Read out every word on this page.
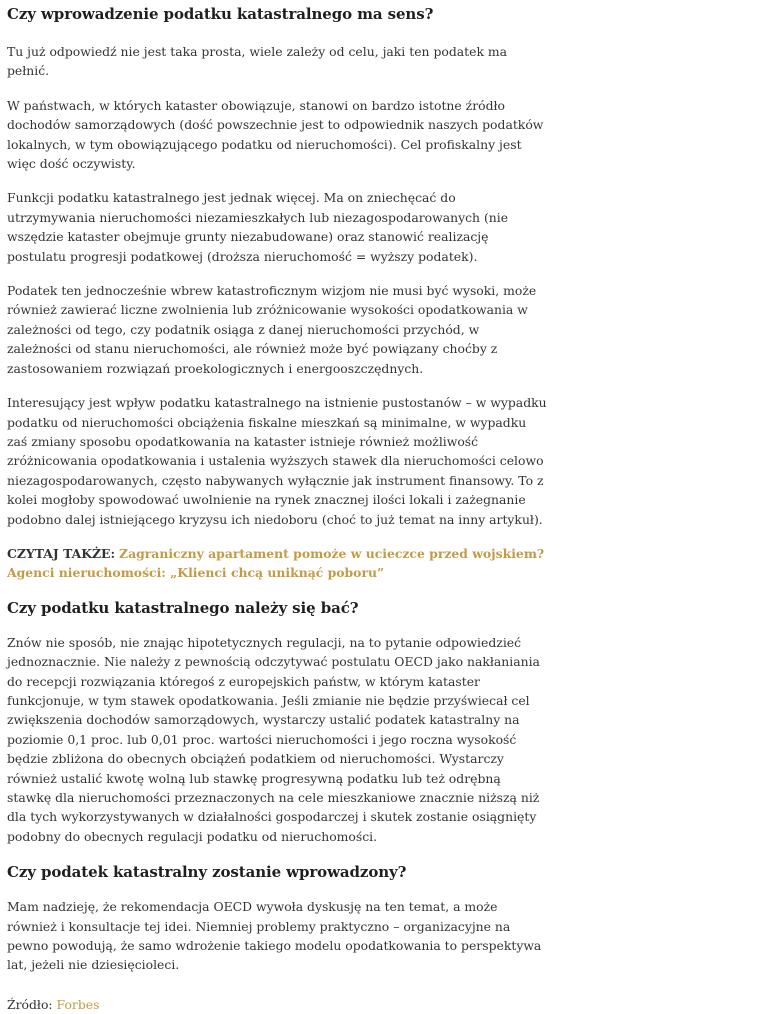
Czy wprowadzenie podatku katastralnego ma sens?

Tu już odpowiedź nie jest taka prosta, wiele zależy od celu, jaki ten podatek ma pełnić.

W państwach, w których kataster obowiązuje, stanowi on bardzo istotne źródło dochodów samorządowych (dość powszechnie jest to odpowiednik naszych podatków lokalnych, w tym obowiązującego podatku od nieruchomości). Cel profiskalny jest więc dość oczywisty.

Funkcji podatku katastralnego jest jednak więcej. Ma on zniechęcać do utrzymywania nieruchomości niezamieszkałych lub niezagospodarowanych (nie wszędzie kataster obejmuje grunty niezabudowane) oraz stanowić realizację postulatu progresji podatkowej (droższa nieruchomość = wyższy podatek).

Podatek ten jednocześnie wbrew katastroficznym wizjom nie musi być wysoki, może również zawierać liczne zwolnienia lub zróżnicowanie wysokości opodatkowania w zależności od tego, czy podatnik osiąga z danej nieruchomości przychód, w zależności od stanu nieruchomości, ale również może być powiązany choćby z zastosowaniem rozwiązań proekologicznych i energooszczędnych.

Interesujący jest wpływ podatku katastralnego na istnienie pustostanów – w wypadku podatku od nieruchomości obciążenia fiskalne mieszkań są minimalne, w wypadku zaś zmiany sposobu opodatkowania na kataster istnieje również możliwość zróżnicowania opodatkowania i ustalenia wyższych stawek dla nieruchomości celowo niezagospodarowanych, często nabywanych wyłącznie jak instrument finansowy. To z kolei mogłoby spowodować uwolnienie na rynek znacznej ilości lokali i zażegnanie podobno dalej istniejącego kryzysu ich niedoboru (choć to już temat na inny artykuł).

CZYTAJ TAKŻE: Zagraniczny apartament pomoże w ucieczce przed wojskiem? Agenci nieruchomości: „Klienci chcą uniknąć poboru”

Czy podatku katastralnego należy się bać?

Znów nie sposób, nie znając hipotetycznych regulacji, na to pytanie odpowiedzieć jednoznacznie. Nie należy z pewnością odczytywać postulatu OECD jako nakłaniania do recepcji rozwiązania któregoś z europejskich państw, w którym kataster funkcjonuje, w tym stawek opodatkowania. Jeśli zmianie nie będzie przyświecał cel zwiększenia dochodów samorządowych, wystarczy ustalić podatek katastralny na poziomie 0,1 proc. lub 0,01 proc. wartości nieruchomości i jego roczna wysokość będzie zbliżona do obecnych obciążeń podatkiem od nieruchomości. Wystarczy również ustalić kwotę wolną lub stawkę progresywną podatku lub też odrębną stawkę dla nieruchomości przeznaczonych na cele mieszkaniowe znacznie niższą niż dla tych wykorzystywanych w działalności gospodarczej i skutek zostanie osiągnięty podobny do obecnych regulacji podatku od nieruchomości.

Czy podatek katastralny zostanie wprowadzony?

Mam nadzieję, że rekomendacja OECD wywoła dyskusję na ten temat, a może również i konsultacje tej idei. Niemniej problemy praktyczno – organizacyjne na pewno powodują, że samo wdrożenie takiego modelu opodatkowania to perspektywa lat, jeżeli nie dziesięcioleci.

Źródło: Forbes
